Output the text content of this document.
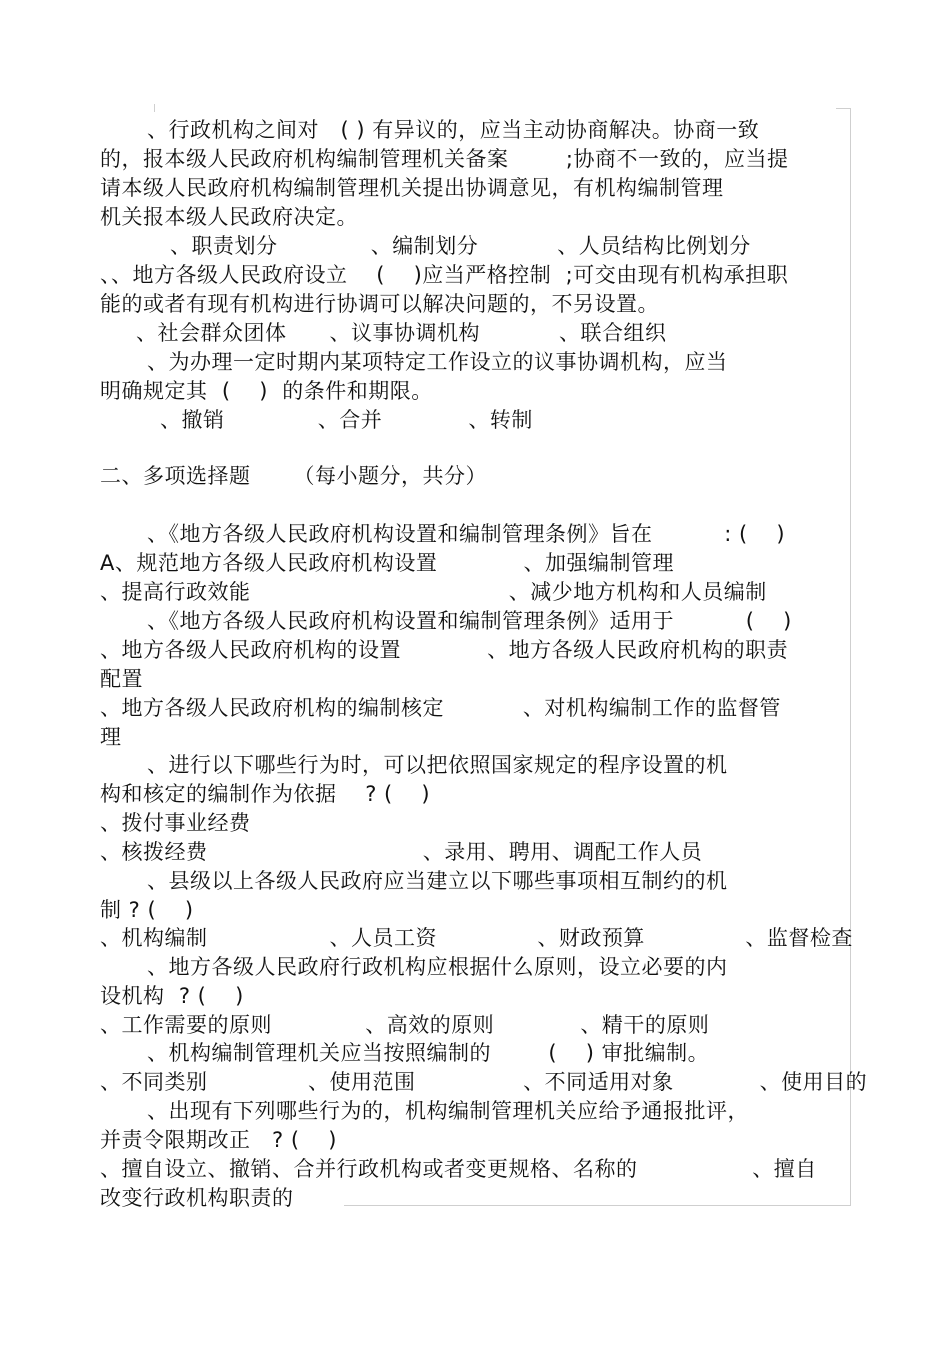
、行政机构之间对   ( ) 有异议的，应当主动协商解决。协商一致
的，报本级人民政府机构编制管理机关备案        ;协商不一致的，应当提
请本级人民政府机构编制管理机关提出协调意见，有机构编制管理
机关报本级人民政府决定。
、职责划分             、编制划分           、人员结构比例划分
、、地方各级人民政府设立    (    )应当严格控制  ;可交由现有机构承担职
能的或者有现有机构进行协调可以解决问题的，不另设置。
、社会群众团体      、议事协调机构           、联合组织
、为办理一定时期内某项特定工作设立的议事协调机构，应当
明确规定其  (    )  的条件和期限。
、撤销             、合并            、转制
二、多项选择题      （每小题分，共分）
、《地方各级人民政府机构设置和编制管理条例》旨在          : (    )
A、规范地方各级人民政府机构设置            、加强编制管理
、提高行政效能                                    、减少地方机构和人员编制
、《地方各级人民政府机构设置和编制管理条例》适用于          (    )
、地方各级人民政府机构的设置            、地方各级人民政府机构的职责
配置
、地方各级人民政府机构的编制核定           、对机构编制工作的监督管
理
、进行以下哪些行为时，可以把依照国家规定的程序设置的机
构和核定的编制作为依据    ? (    )
、拨付事业经费
、核拨经费                              、录用、聘用、调配工作人员
、县级以上各级人民政府应当建立以下哪些事项相互制约的机
制 ? (    )
、机构编制                 、人员工资              、财政预算              、监督检查
、地方各级人民政府行政机构应根据什么原则，设立必要的内
设机构  ? (    )
、工作需要的原则             、高效的原则            、精干的原则
、机构编制管理机关应当按照编制的        (    ) 审批编制。
、不同类别              、使用范围               、不同适用对象            、使用目的
、出现有下列哪些行为的，机构编制管理机关应给予通报批评，
并责令限期改正   ? (    )
、擅自设立、撤销、合并行政机构或者变更规格、名称的                、擅自
改变行政机构职责的
